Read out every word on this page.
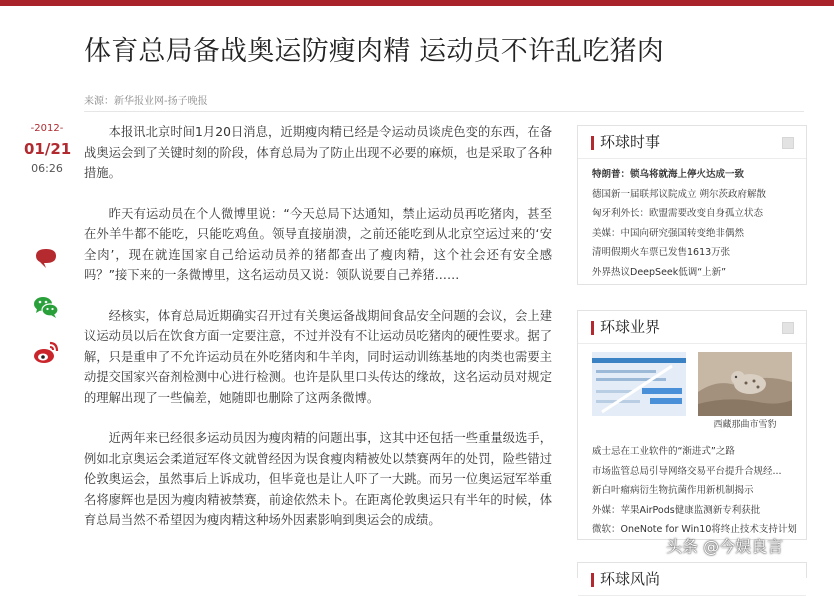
体育总局备战奥运防瘦肉精 运动员不许乱吃猪肉
来源：新华报业网-扬子晚报
-2012-
01/21
06:26

本报讯北京时间1月20日消息，近期瘦肉精已经是令运动员谈虎色变的东西，在备战奥运会到了关键时刻的阶段，体育总局为了防止出现不必要的麻烦，也是采取了各种措施。

昨天有运动员在个人微博里说：“今天总局下达通知，禁止运动员再吃猪肉，甚至在外羊牛都不能吃，只能吃鸡鱼。领导直接崩溃，之前还能吃到从北京空运过来的‘安全肉’，现在就连国家自己给运动员养的猪都查出了瘦肉精，这个社会还有安全感吗？”接下来的一条微博里，这名运动员又说：领队说要自己养猪……

经核实，体育总局近期确实召开过有关奥运备战期间食品安全问题的会议，会上建议运动员以后在饮食方面一定要注意，不过并没有不让运动员吃猪肉的硬性要求。据了解，只是重申了不允许运动员在外吃猪肉和牛羊肉，同时运动训练基地的肉类也需要主动提交国家兴奋剂检测中心进行检测。也许是队里口头传达的缘故，这名运动员对规定的理解出现了一些偏差，她随即也删除了这两条微博。

近两年来已经很多运动员因为瘦肉精的问题出事，这其中还包括一些重量级选手，例如北京奥运会柔道冠军佟文就曾经因为误食瘦肉精被处以禁赛两年的处罚，险些错过伦敦奥运会，虽然事后上诉成功，但毕竟也是让人吓了一大跳。而另一位奥运冠军举重名将廖辉也是因为瘦肉精被禁赛，前途依然未卜。在距离伦敦奥运只有半年的时候，体育总局当然不希望因为瘦肉精这种场外因素影响到奥运会的成绩。

环球时事
特朗普：锁乌将就海上停火达成一致
德国新一届联邦议院成立 朔尔茨政府解散
匈牙利外长：欧盟需要改变自身孤立状态
美媒：中国向研究强国转变绝非偶然
清明假期火车票已发售1613万张
外界热议DeepSeek低调“上新”
环球业界
西藏那曲市雪豹
威士忌在工业软件的“渐进式”之路
市场监管总局引导网络交易平台提升合规经...
新白叶瘤病衍生物抗菌作用新机制揭示
外媒：苹果AirPods健康监测新专利获批
微软：OneNote for Win10将终止技术支持计划
环球风尚
头条 @今娱良言
